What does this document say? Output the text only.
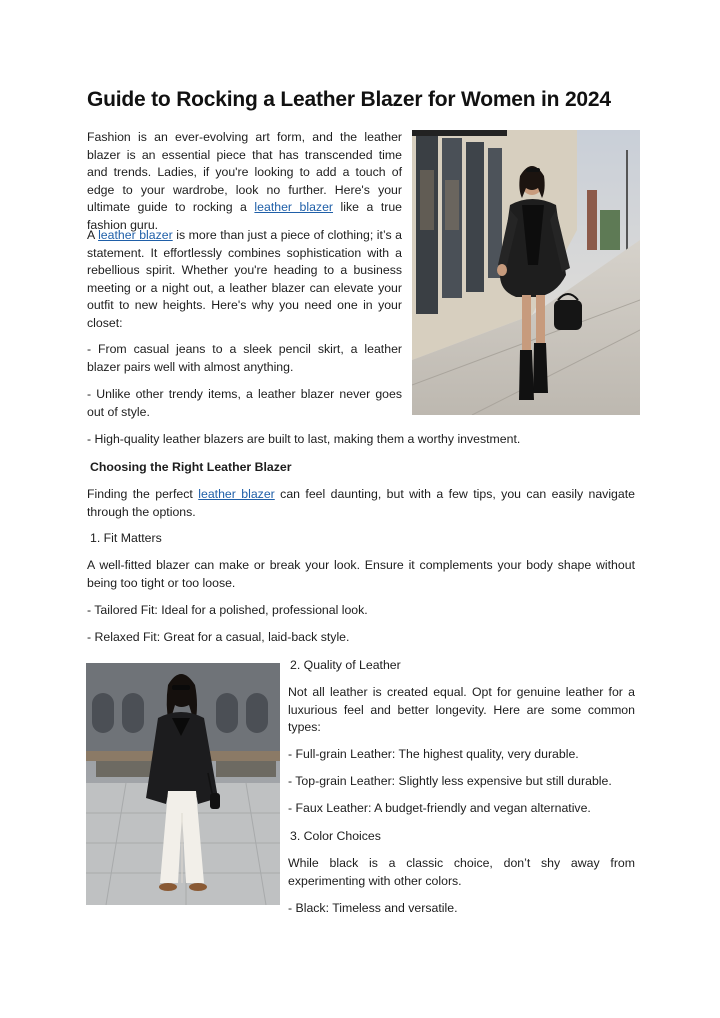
Guide to Rocking a Leather Blazer for Women in 2024

Fashion is an ever-evolving art form, and the leather blazer is an essential piece that has transcended time and trends. Ladies, if you're looking to add a touch of edge to your wardrobe, look no further. Here's your ultimate guide to rocking a leather blazer like a true fashion guru.

A leather blazer is more than just a piece of clothing; it’s a statement. It effortlessly combines sophistication with a rebellious spirit. Whether you're heading to a business meeting or a night out, a leather blazer can elevate your outfit to new heights. Here's why you need one in your closet:

- From casual jeans to a sleek pencil skirt, a leather blazer pairs well with almost anything.

- Unlike other trendy items, a leather blazer never goes out of style.

- High-quality leather blazers are built to last, making them a worthy investment.

Choosing the Right Leather Blazer

Finding the perfect leather blazer can feel daunting, but with a few tips, you can easily navigate through the options.

1. Fit Matters

A well-fitted blazer can make or break your look. Ensure it complements your body shape without being too tight or too loose.

- Tailored Fit: Ideal for a polished, professional look.

- Relaxed Fit: Great for a casual, laid-back style.

2. Quality of Leather

Not all leather is created equal. Opt for genuine leather for a luxurious feel and better longevity. Here are some common types:

- Full-grain Leather: The highest quality, very durable.

- Top-grain Leather: Slightly less expensive but still durable.

- Faux Leather: A budget-friendly and vegan alternative.

3. Color Choices

While black is a classic choice, don’t shy away from experimenting with other colors.

- Black: Timeless and versatile.
